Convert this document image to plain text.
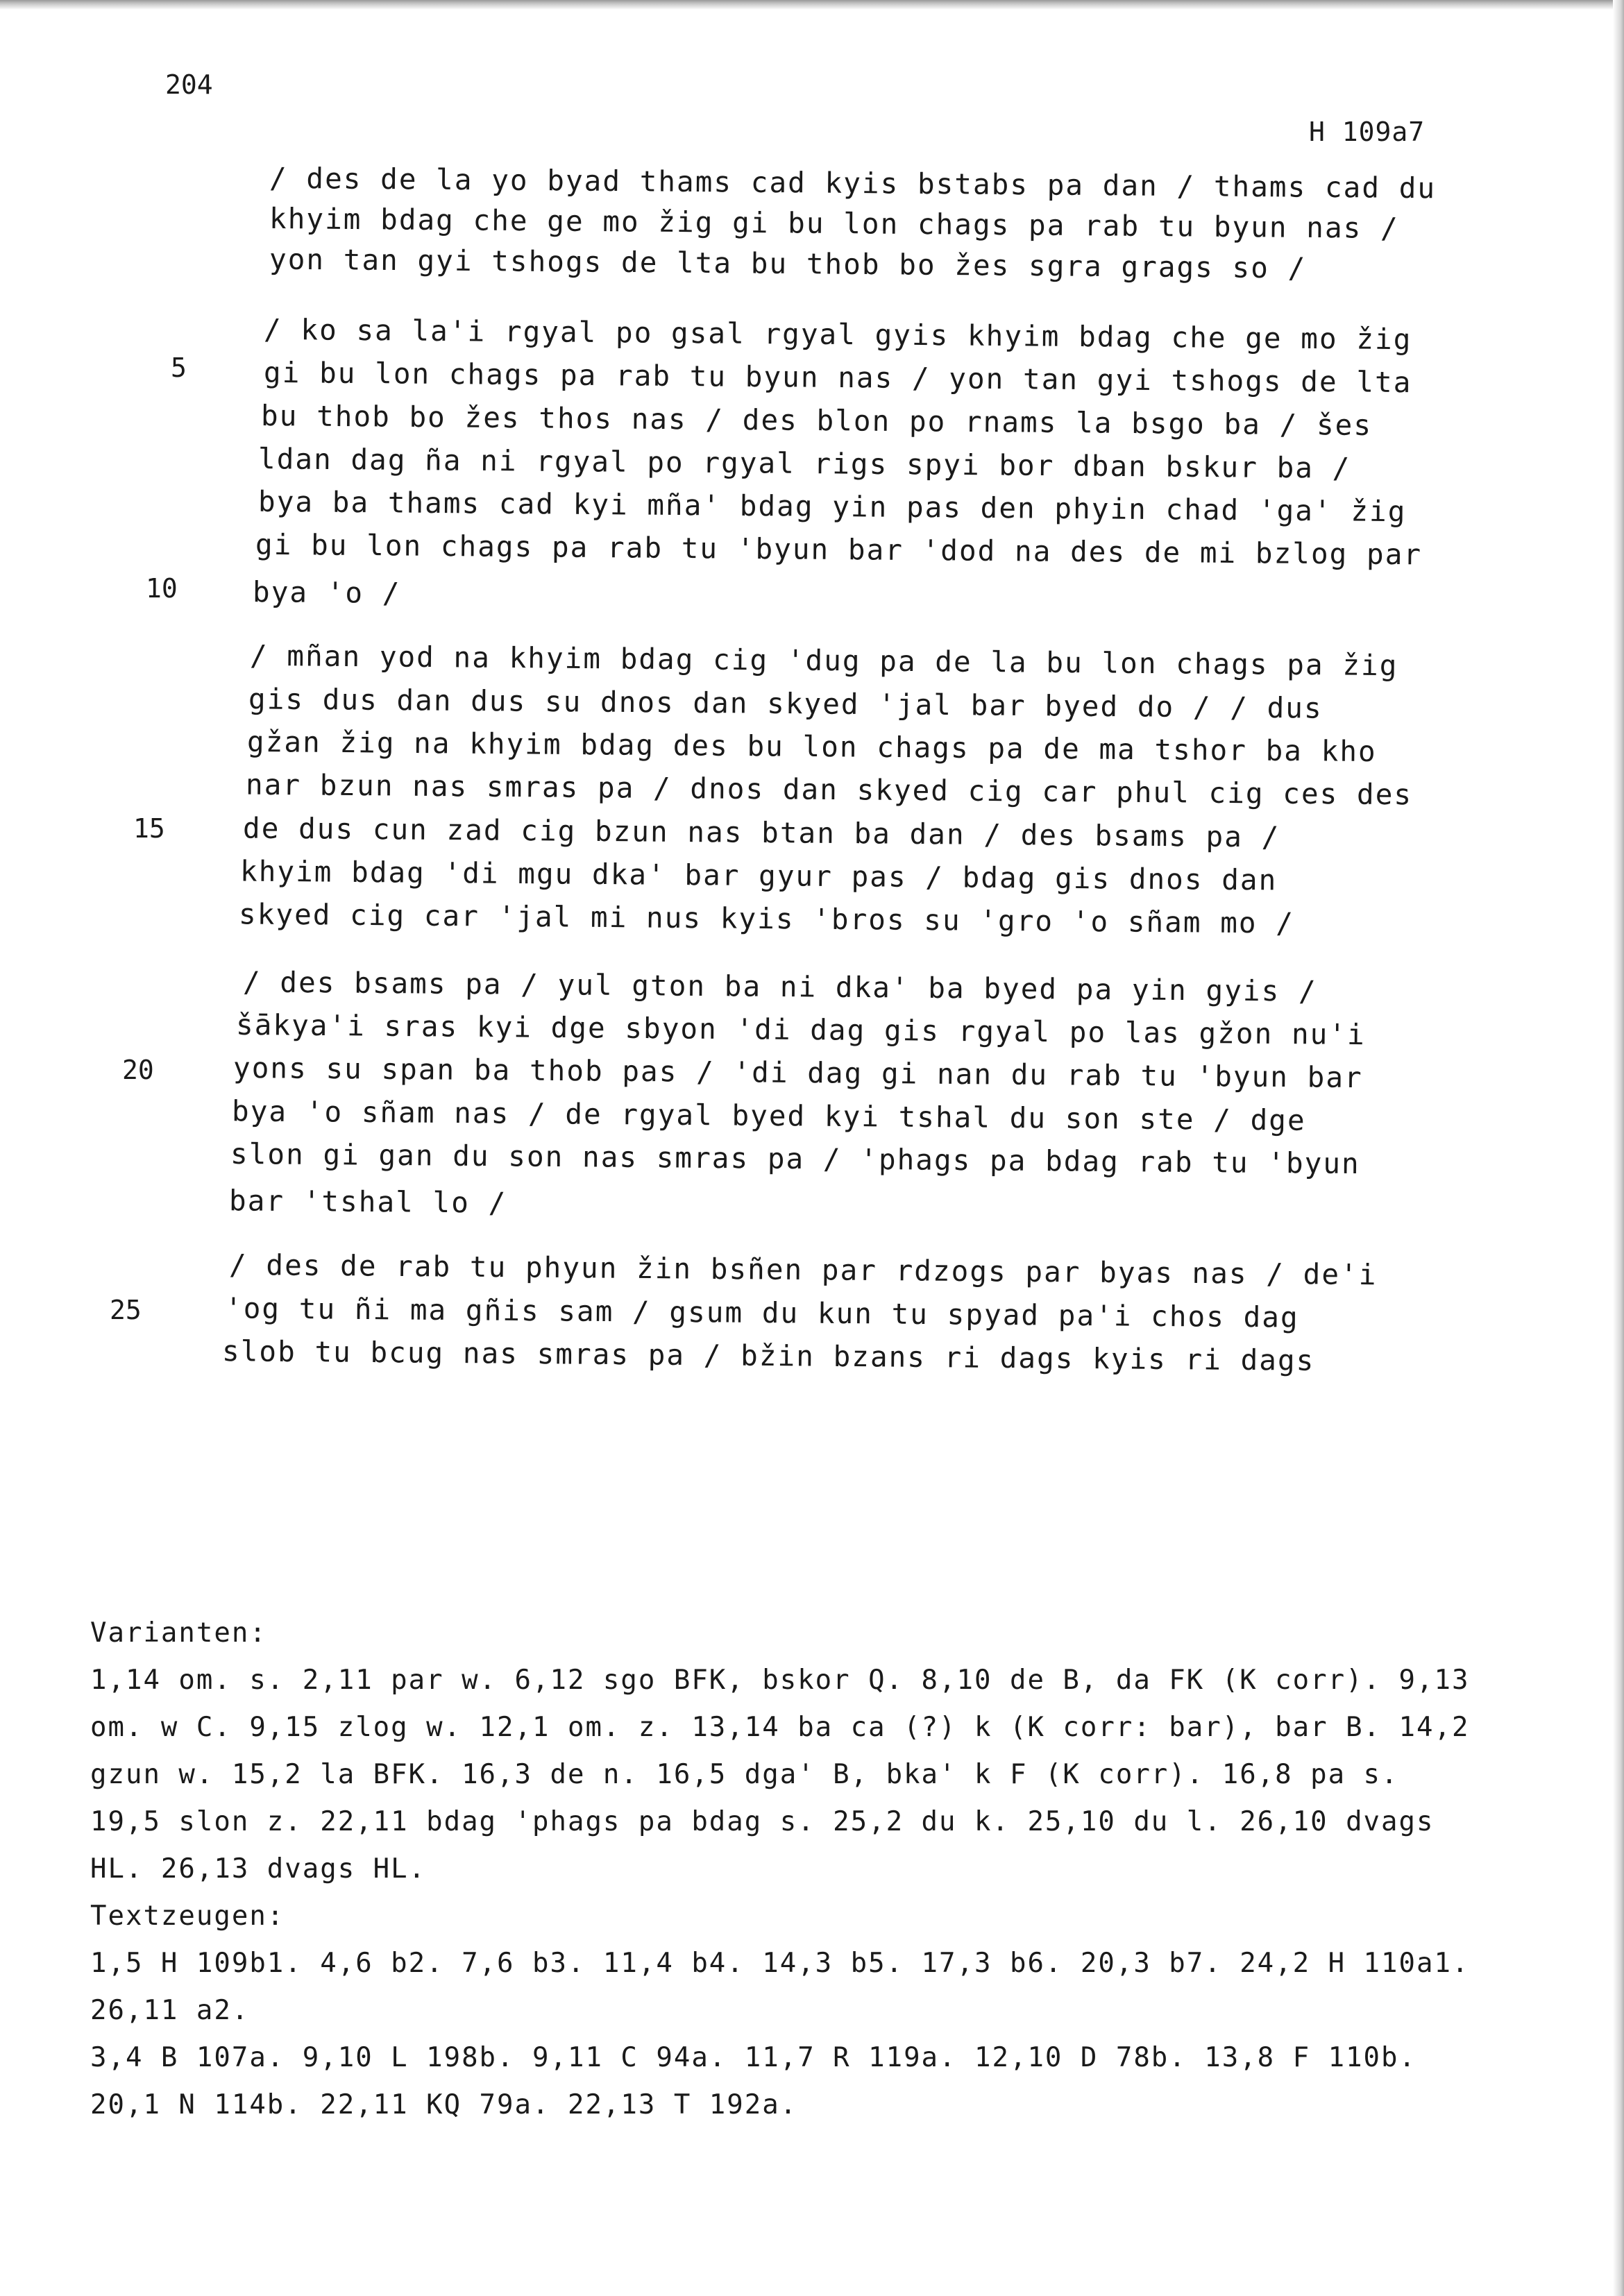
204
H 109a7
/ des de la yo byad thams cad kyis bstabs pa dan / thams cad du
khyim bdag che ge mo žig gi bu lon chags pa rab tu byun nas /
yon tan gyi tshogs de lta bu thob bo žes sgra grags so /
/ ko sa la'i rgyal po gsal rgyal gyis khyim bdag che ge mo žig
gi bu lon chags pa rab tu byun nas / yon tan gyi tshogs de lta
bu thob bo žes thos nas / des blon po rnams la bsgo ba / šes
ldan dag ña ni rgyal po rgyal rigs spyi bor dban bskur ba /
bya ba thams cad kyi mña' bdag yin pas den phyin chad 'ga' žig
gi bu lon chags pa rab tu 'byun bar 'dod na des de mi bzlog par
bya 'o /
/ mñan yod na khyim bdag cig 'dug pa de la bu lon chags pa žig
gis dus dan dus su dnos dan skyed 'jal bar byed do / / dus
gžan žig na khyim bdag des bu lon chags pa de ma tshor ba kho
nar bzun nas smras pa / dnos dan skyed cig car phul cig ces des
de dus cun zad cig bzun nas btan ba dan / des bsams pa /
khyim bdag 'di mgu dka' bar gyur pas / bdag gis dnos dan
skyed cig car 'jal mi nus kyis 'bros su 'gro 'o sñam mo /
/ des bsams pa / yul gton ba ni dka' ba byed pa yin gyis /
šākya'i sras kyi dge sbyon 'di dag gis rgyal po las gžon nu'i
yons su span ba thob pas / 'di dag gi nan du rab tu 'byun bar
bya 'o sñam nas / de rgyal byed kyi tshal du son ste / dge
slon gi gan du son nas smras pa / 'phags pa bdag rab tu 'byun
bar 'tshal lo /
/ des de rab tu phyun žin bsñen par rdzogs par byas nas / de'i
'og tu ñi ma gñis sam / gsum du kun tu spyad pa'i chos dag
slob tu bcug nas smras pa / bžin bzans ri dags kyis ri dags
5
10
15
20
25

Varianten:

1,14 om. s. 2,11 par w. 6,12 sgo BFK, bskor Q. 8,10 de B, da FK (K corr). 9,13 om. w C. 9,15 zlog w. 12,1 om. z. 13,14 ba ca (?) k (K corr: bar), bar B. 14,2 gzun w. 15,2 la BFK. 16,3 de n. 16,5 dga' B, bka' k F (K corr). 16,8 pa s. 19,5 slon z. 22,11 bdag 'phags pa bdag s. 25,2 du k. 25,10 du l. 26,10 dvags HL. 26,13 dvags HL.

Textzeugen:

1,5 H 109b1. 4,6 b2. 7,6 b3. 11,4 b4. 14,3 b5. 17,3 b6. 20,3 b7. 24,2 H 110a1. 26,11 a2.

3,4 B 107a. 9,10 L 198b. 9,11 C 94a. 11,7 R 119a. 12,10 D 78b. 13,8 F 110b. 20,1 N 114b. 22,11 KQ 79a. 22,13 T 192a.
